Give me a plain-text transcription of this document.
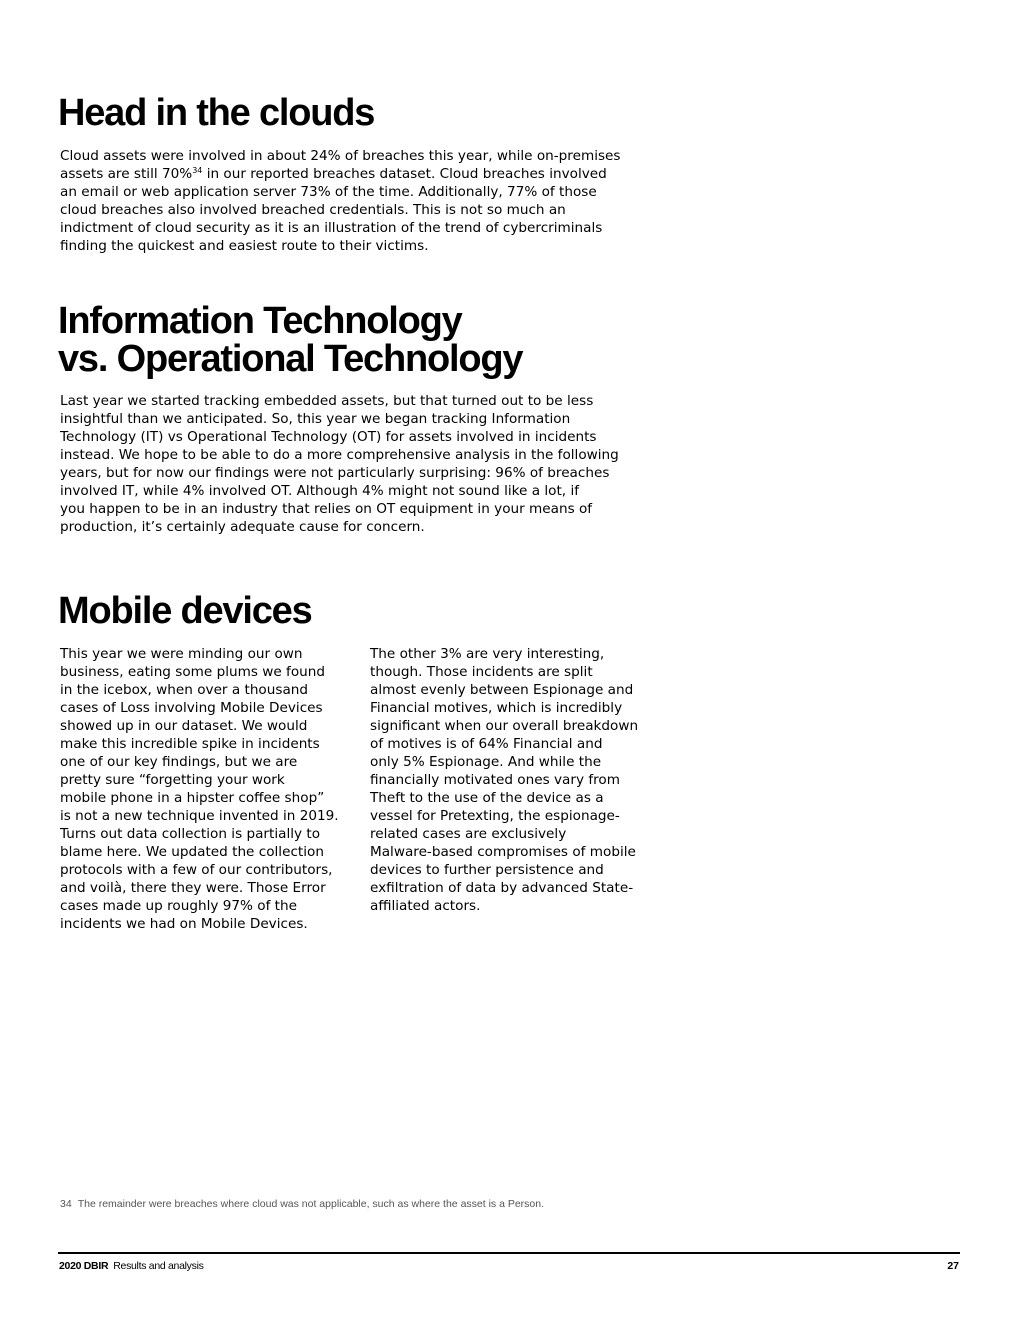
Head in the clouds
Cloud assets were involved in about 24% of breaches this year, while on-premises
assets are still 70%$^{34}$ in our reported breaches dataset. Cloud breaches involved
an email or web application server 73% of the time. Additionally, 77% of those
cloud breaches also involved breached credentials. This is not so much an
indictment of cloud security as it is an illustration of the trend of cybercriminals
finding the quickest and easiest route to their victims.
Information Technology
vs. Operational Technology
Last year we started tracking embedded assets, but that turned out to be less
insightful than we anticipated. So, this year we began tracking Information
Technology (IT) vs Operational Technology (OT) for assets involved in incidents
instead. We hope to be able to do a more comprehensive analysis in the following
years, but for now our findings were not particularly surprising: 96% of breaches
involved IT, while 4% involved OT. Although 4% might not sound like a lot, if
you happen to be in an industry that relies on OT equipment in your means of
production, it’s certainly adequate cause for concern.
Mobile devices
This year we were minding our own
business, eating some plums we found
in the icebox, when over a thousand
cases of Loss involving Mobile Devices
showed up in our dataset. We would
make this incredible spike in incidents
one of our key findings, but we are
pretty sure “forgetting your work
mobile phone in a hipster coffee shop”
is not a new technique invented in 2019.
Turns out data collection is partially to
blame here. We updated the collection
protocols with a few of our contributors,
and voilà, there they were. Those Error
cases made up roughly 97% of the
incidents we had on Mobile Devices.
The other 3% are very interesting,
though. Those incidents are split
almost evenly between Espionage and
Financial motives, which is incredibly
significant when our overall breakdown
of motives is of 64% Financial and
only 5% Espionage. And while the
financially motivated ones vary from
Theft to the use of the device as a
vessel for Pretexting, the espionage-
related cases are exclusively
Malware-based compromises of mobile
devices to further persistence and
exfiltration of data by advanced State-
affiliated actors.
34 The remainder were breaches where cloud was not applicable, such as where the asset is a Person.
2020 DBIR Results and analysis	27
